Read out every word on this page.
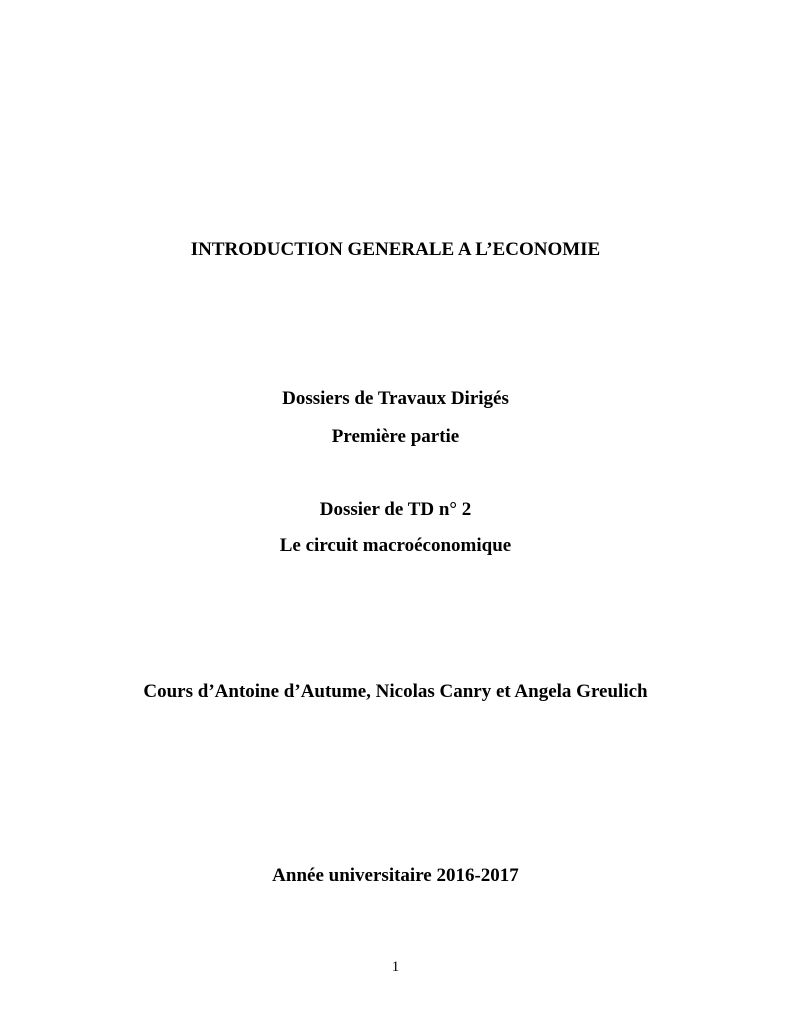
INTRODUCTION GENERALE A L’ECONOMIE
Dossiers de Travaux Dirigés
Première partie
Dossier de TD n° 2
Le circuit macroéconomique
Cours d’Antoine d’Autume, Nicolas Canry et Angela Greulich
Année universitaire 2016-2017
1
